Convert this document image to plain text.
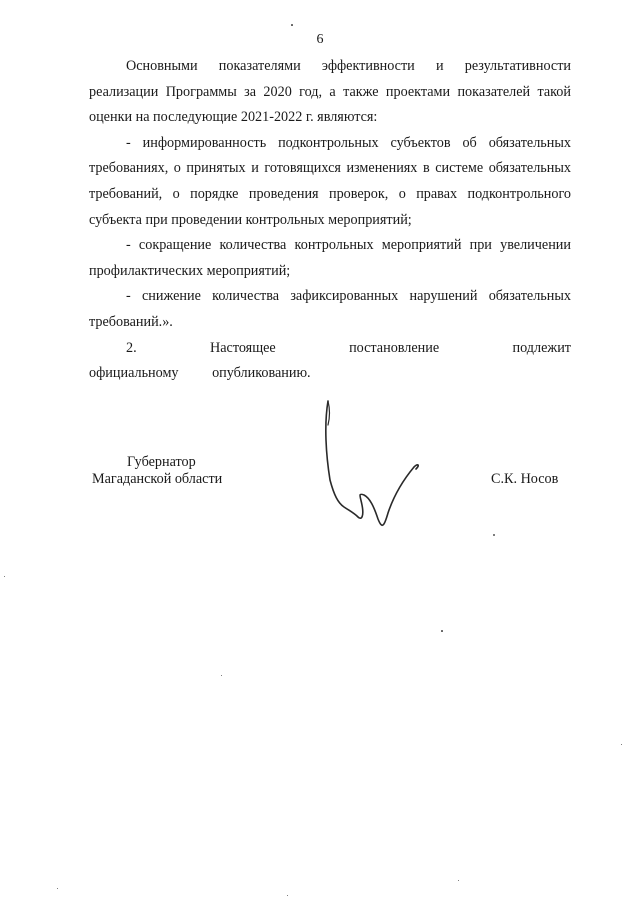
6

Основными показателями эффективности и результативности реализации Программы за 2020 год, а также проектами показателей такой оценки на последующие 2021-2022 г. являются:

- информированность подконтрольных субъектов об обязательных требованиях, о принятых и готовящихся изменениях в системе обязательных требований, о порядке проведения проверок, о правах подконтрольного субъекта при проведении контрольных мероприятий;

- сокращение количества контрольных мероприятий при увеличении профилактических мероприятий;

- снижение количества зафиксированных нарушений обязательных требований.».

2. Настоящее постановление подлежит официальному опубликованию.

Губернатор
Магаданской области	С.К. Носов
